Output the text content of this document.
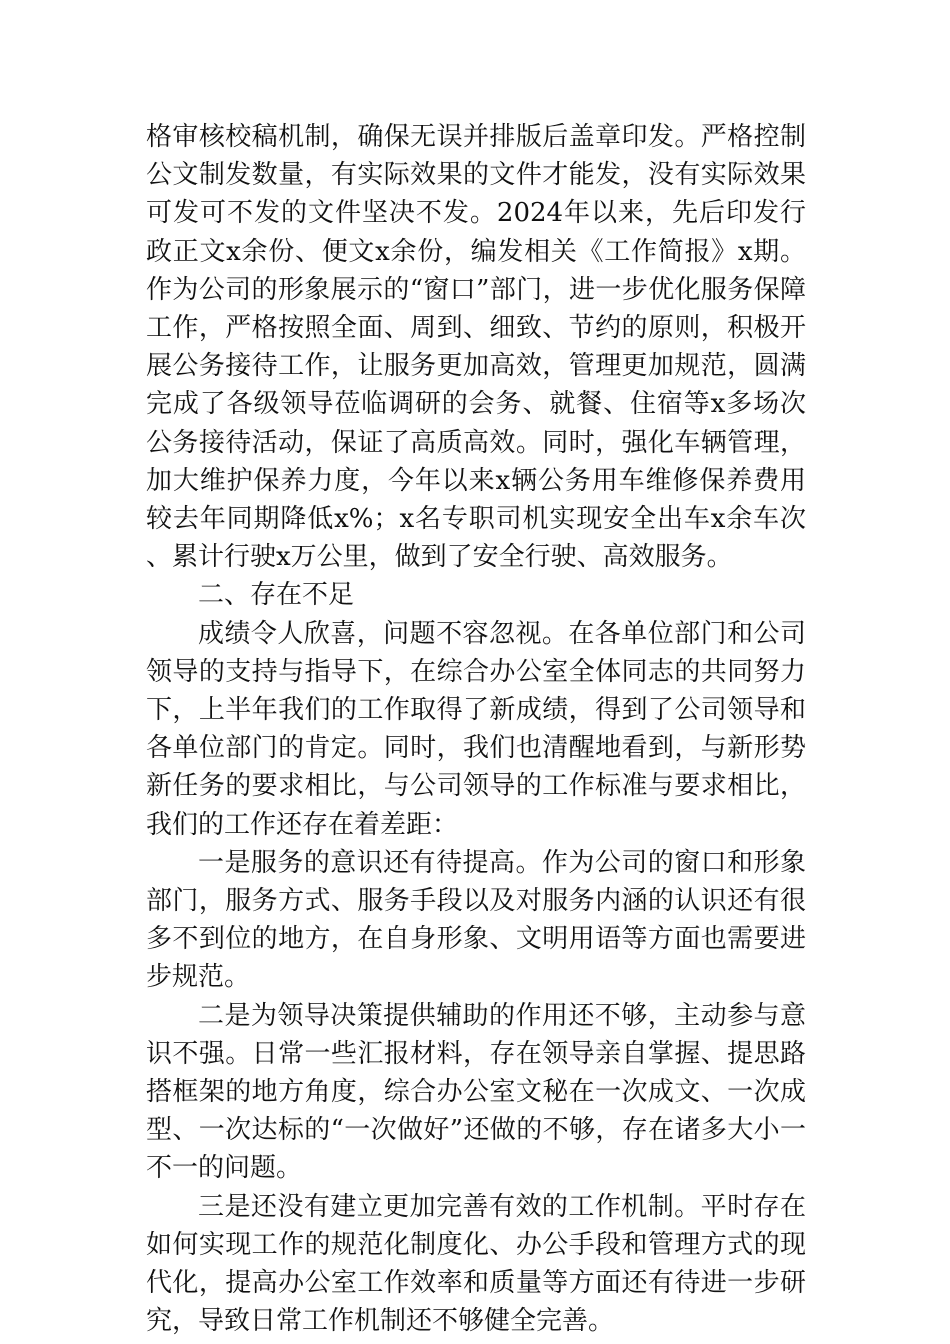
格审核校稿机制，确保无误并排版后盖章印发。严格控制公文制发数量，有实际效果的文件才能发，没有实际效果可发可不发的文件坚决不发。2024年以来，先后印发行政正文x余份、便文x余份，编发相关《工作简报》x期。作为公司的形象展示的“窗口”部门，进一步优化服务保障工作，严格按照全面、周到、细致、节约的原则，积极开展公务接待工作，让服务更加高效，管理更加规范，圆满完成了各级领导莅临调研的会务、就餐、住宿等x多场次公务接待活动，保证了高质高效。同时，强化车辆管理，加大维护保养力度，今年以来x辆公务用车维修保养费用较去年同期降低x%；x名专职司机实现安全出车x余车次、累计行驶x万公里，做到了安全行驶、高效服务。

二、存在不足

成绩令人欣喜，问题不容忽视。在各单位部门和公司领导的支持与指导下，在综合办公室全体同志的共同努力下，上半年我们的工作取得了新成绩，得到了公司领导和各单位部门的肯定。同时，我们也清醒地看到，与新形势新任务的要求相比，与公司领导的工作标准与要求相比，我们的工作还存在着差距：

一是服务的意识还有待提高。作为公司的窗口和形象部门，服务方式、服务手段以及对服务内涵的认识还有很多不到位的地方，在自身形象、文明用语等方面也需要进步规范。

二是为领导决策提供辅助的作用还不够，主动参与意识不强。日常一些汇报材料，存在领导亲自掌握、提思路搭框架的地方角度，综合办公室文秘在一次成文、一次成型、一次达标的“一次做好”还做的不够，存在诸多大小一不一的问题。

三是还没有建立更加完善有效的工作机制。平时存在如何实现工作的规范化制度化、办公手段和管理方式的现代化，提高办公室工作效率和质量等方面还有待进一步研究，导致日常工作机制还不够健全完善。
